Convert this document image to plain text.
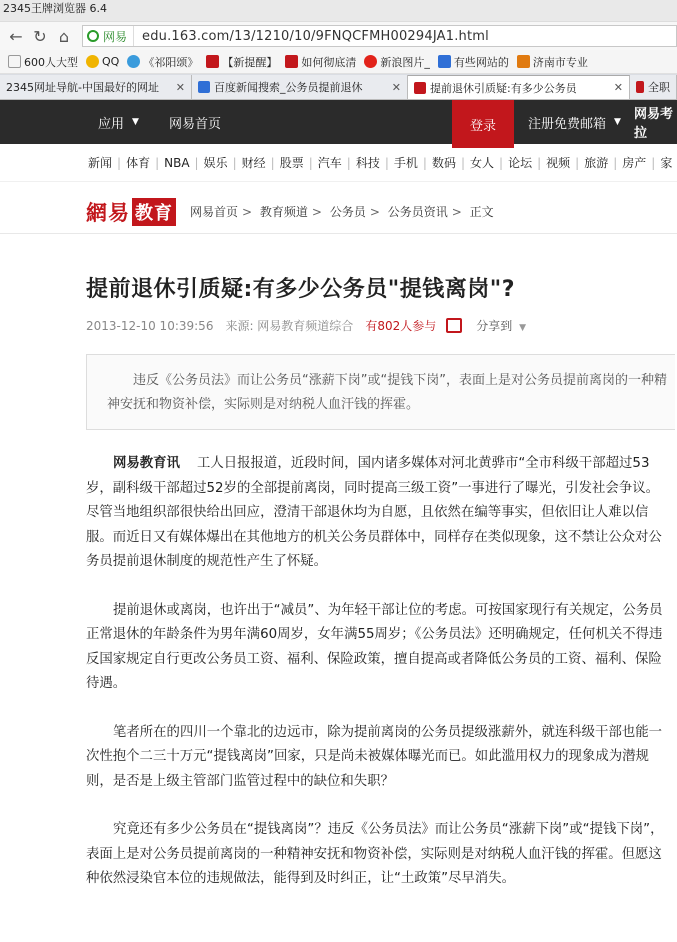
2345王牌浏览器 6.4
← ↻ ⌂	网易	edu.163.com/13/1210/10/9FNQCFMH00294JA1.html
600人大型 QQ 《祁阳颂》 【新提醒】 如何彻底清 新浪图片_ 有些网站的 济南市专业
2345网址导航-中国最好的网址	✕	百度新闻搜索_公务员提前退休	✕	提前退休引质疑:有多少公务员	✕ 全职
应用 ▼ 网易首页	登录	注册免费邮箱 ▼ 网易考拉
新闻 | 体育 | NBA | 娱乐 | 财经 | 股票 | 汽车 | 科技 | 手机 | 数码 | 女人 | 论坛 | 视频 | 旅游 | 房产 | 家
網易 教育 网易首页 > 教育频道 > 公务员 > 公务员资讯 > 正文
提前退休引质疑:有多少公务员"提钱离岗"?
2013-12-10 10:39:56 来源: 网易教育频道综合 有802人参与	分享到 ▼
违反《公务员法》而让公务员“涨薪下岗”或“提钱下岗”，表面上是对公务员提前离岗的一种精神安抚和物资补偿，实际则是对纳税人血汗钱的挥霍。

网易教育讯 工人日报报道，近段时间，国内诸多媒体对河北黄骅市“全市科级干部超过53岁，副科级干部超过52岁的全部提前离岗，同时提高三级工资”一事进行了曝光，引发社会争议。尽管当地组织部很快给出回应，澄清干部退休均为自愿，且依然在编等事实，但依旧让人难以信服。而近日又有媒体爆出在其他地方的机关公务员群体中，同样存在类似现象，这不禁让公众对公务员提前退休制度的规范性产生了怀疑。

提前退休或离岗，也许出于“减员”、为年轻干部让位的考虑。可按国家现行有关规定，公务员正常退休的年龄条件为男年满60周岁，女年满55周岁；《公务员法》还明确规定，任何机关不得违反国家规定自行更改公务员工资、福利、保险政策，擅自提高或者降低公务员的工资、福利、保险待遇。

笔者所在的四川一个靠北的边远市，除为提前离岗的公务员提级涨薪外，就连科级干部也能一次性抱个二三十万元“提钱离岗”回家，只是尚未被媒体曝光而已。如此滥用权力的现象成为潜规则，是否是上级主管部门监管过程中的缺位和失职？

究竟还有多少公务员在“提钱离岗”？违反《公务员法》而让公务员“涨薪下岗”或“提钱下岗”，表面上是对公务员提前离岗的一种精神安抚和物资补偿，实际则是对纳税人血汗钱的挥霍。但愿这种依然浸染官本位的违规做法，能得到及时纠正，让“土政策”尽早消失。
